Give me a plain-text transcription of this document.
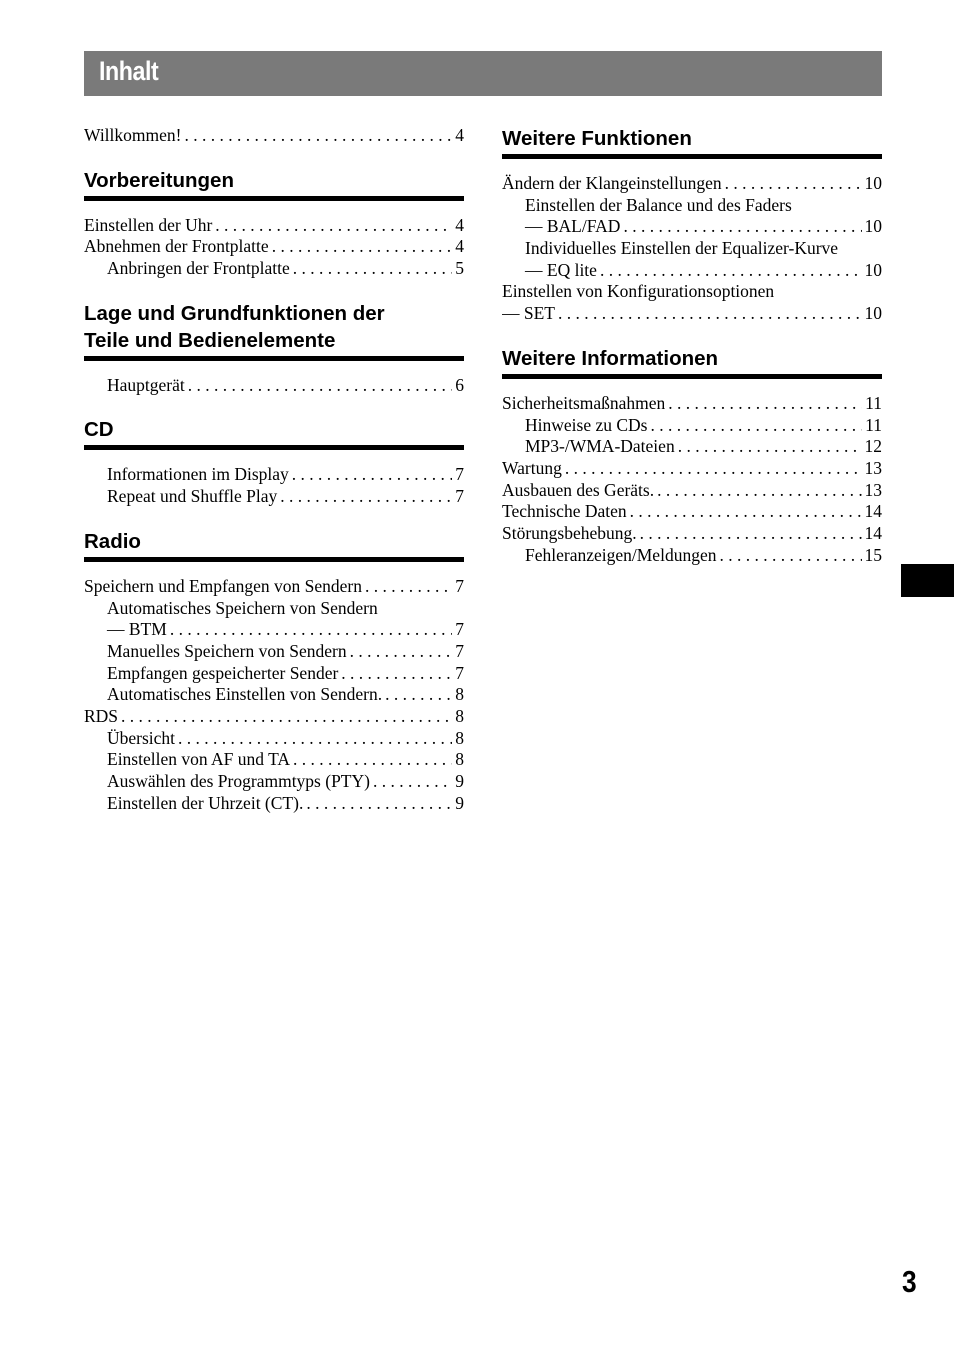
Inhalt
Willkommen! . . .	4
Vorbereitungen
Einstellen der Uhr . . .	4
Abnehmen der Frontplatte . . .	4
Anbringen der Frontplatte . . .	5
Lage und Grundfunktionen der
Teile und Bedienelemente
Hauptgerät . . .	6
CD
Informationen im Display . . .	7
Repeat und Shuffle Play . . .	7
Radio
Speichern und Empfangen von Sendern . . .	7
Automatisches Speichern von Sendern
— BTM . . .	7
Manuelles Speichern von Sendern . . .	7
Empfangen gespeicherter Sender . . .	7
Automatisches Einstellen von Sendern. . . .	8
RDS . . .	8
Übersicht . . .	8
Einstellen von AF und TA . . .	8
Auswählen des Programmtyps (PTY) . . .	9
Einstellen der Uhrzeit (CT). . . .	9
Weitere Funktionen
Ändern der Klangeinstellungen . . .	10
Einstellen der Balance und des Faders
— BAL/FAD . . .	10
Individuelles Einstellen der Equalizer-Kurve
— EQ lite . . .	10
Einstellen von Konfigurationsoptionen
— SET . . .	10
Weitere Informationen
Sicherheitsmaßnahmen . . .	11
Hinweise zu CDs . . .	11
MP3-/WMA-Dateien . . .	12
Wartung . . .	13
Ausbauen des Geräts. . . .	13
Technische Daten . . .	14
Störungsbehebung. . . .	14
Fehleranzeigen/Meldungen . . .	15
3
